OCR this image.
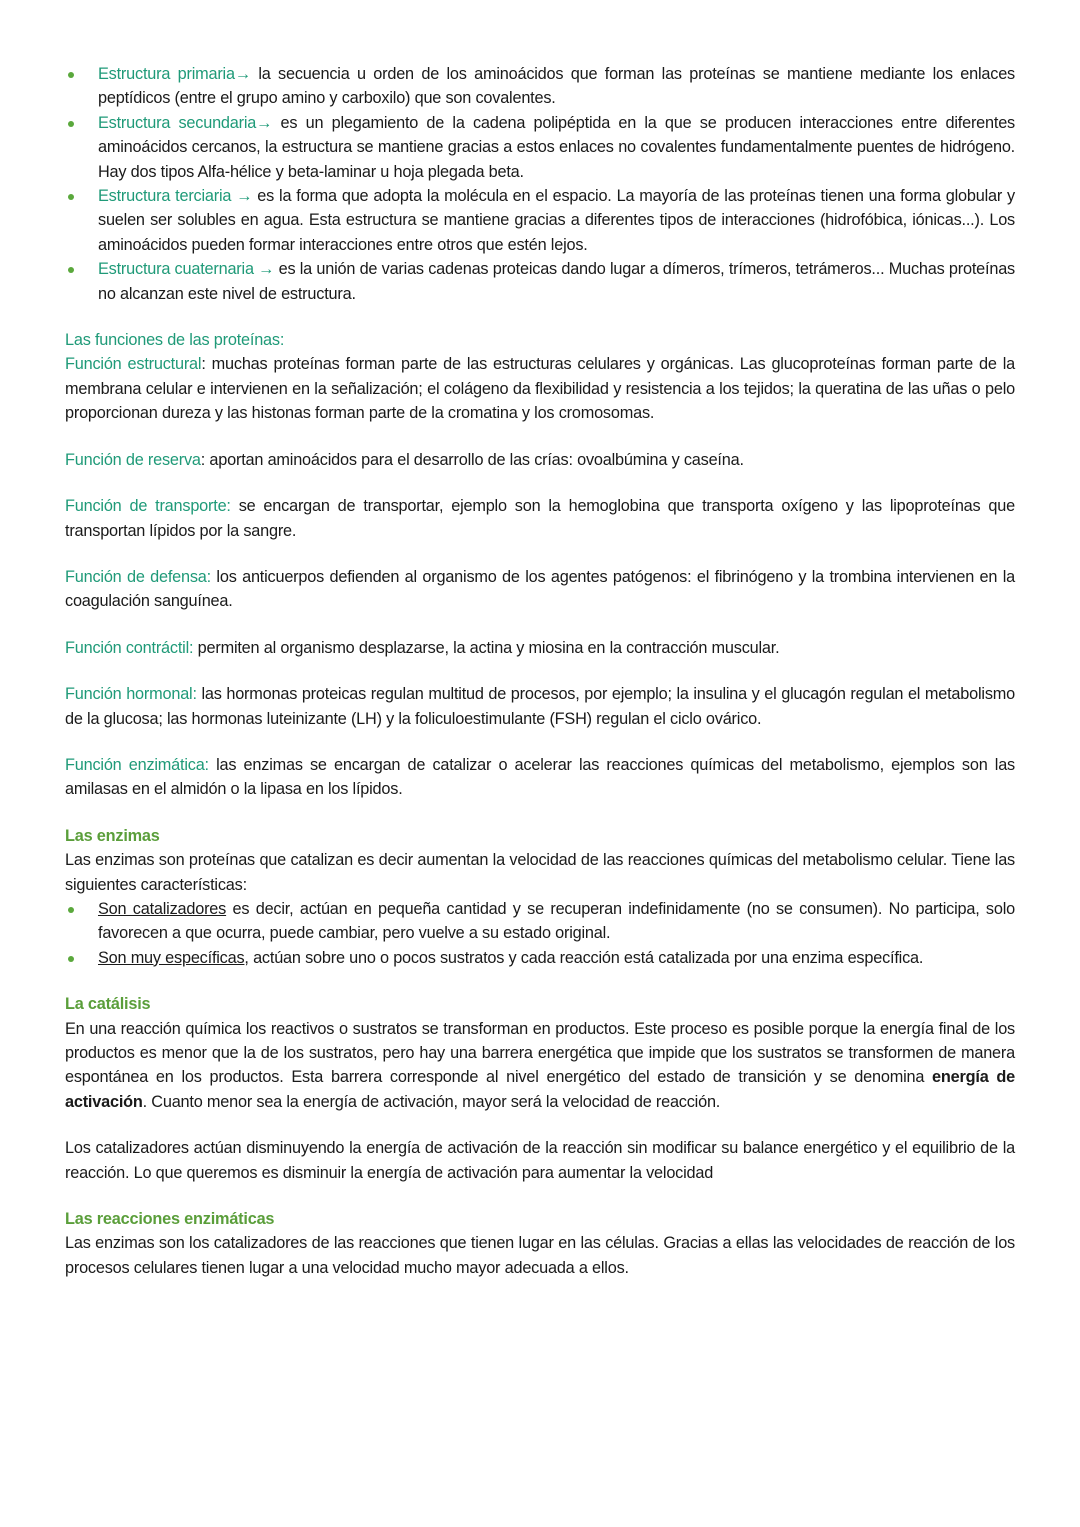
Estructura primaria→ la secuencia u orden de los aminoácidos que forman las proteínas se mantiene mediante los enlaces peptídicos (entre el grupo amino y carboxilo) que son covalentes.
Estructura secundaria→ es un plegamiento de la cadena polipéptida en la que se producen interacciones entre diferentes aminoácidos cercanos, la estructura se mantiene gracias a estos enlaces no covalentes fundamentalmente puentes de hidrógeno. Hay dos tipos Alfa-hélice y beta-laminar u hoja plegada beta.
Estructura terciaria → es la forma que adopta la molécula en el espacio. La mayoría de las proteínas tienen una forma globular y suelen ser solubles en agua. Esta estructura se mantiene gracias a diferentes tipos de interacciones (hidrofóbica, iónicas...). Los aminoácidos pueden formar interacciones entre otros que estén lejos.
Estructura cuaternaria → es la unión de varias cadenas proteicas dando lugar a dímeros, trímeros, tetrámeros... Muchas proteínas no alcanzan este nivel de estructura.

Las funciones de las proteínas:

Función estructural: muchas proteínas forman parte de las estructuras celulares y orgánicas. Las glucoproteínas forman parte de la membrana celular e intervienen en la señalización; el colágeno da flexibilidad y resistencia a los tejidos; la queratina de las uñas o pelo proporcionan dureza y las histonas forman parte de la cromatina y los cromosomas.

Función de reserva: aportan aminoácidos para el desarrollo de las crías: ovoalbúmina y caseína.

Función de transporte: se encargan de transportar, ejemplo son la hemoglobina que transporta oxígeno y las lipoproteínas que transportan lípidos por la sangre.

Función de defensa: los anticuerpos defienden al organismo de los agentes patógenos: el fibrinógeno y la trombina intervienen en la coagulación sanguínea.

Función contráctil: permiten al organismo desplazarse, la actina y miosina en la contracción muscular.

Función hormonal: las hormonas proteicas regulan multitud de procesos, por ejemplo; la insulina y el glucagón regulan el metabolismo de la glucosa; las hormonas luteinizante (LH) y la foliculoestimulante (FSH) regulan el ciclo ovárico.

Función enzimática: las enzimas se encargan de catalizar o acelerar las reacciones químicas del metabolismo, ejemplos son las amilasas en el almidón o la lipasa en los lípidos.

Las enzimas

Las enzimas son proteínas que catalizan es decir aumentan la velocidad de las reacciones químicas del metabolismo celular. Tiene las siguientes características:

Son catalizadores es decir, actúan en pequeña cantidad y se recuperan indefinidamente (no se consumen). No participa, solo favorecen a que ocurra, puede cambiar, pero vuelve a su estado original.
Son muy específicas, actúan sobre uno o pocos sustratos y cada reacción está catalizada por una enzima específica.

La catálisis

En una reacción química los reactivos o sustratos se transforman en productos. Este proceso es posible porque la energía final de los productos es menor que la de los sustratos, pero hay una barrera energética que impide que los sustratos se transformen de manera espontánea en los productos. Esta barrera corresponde al nivel energético del estado de transición y se denomina energía de activación. Cuanto menor sea la energía de activación, mayor será la velocidad de reacción.

Los catalizadores actúan disminuyendo la energía de activación de la reacción sin modificar su balance energético y el equilibrio de la reacción. Lo que queremos es disminuir la energía de activación para aumentar la velocidad

Las reacciones enzimáticas

Las enzimas son los catalizadores de las reacciones que tienen lugar en las células. Gracias a ellas las velocidades de reacción de los procesos celulares tienen lugar a una velocidad mucho mayor adecuada a ellos.
